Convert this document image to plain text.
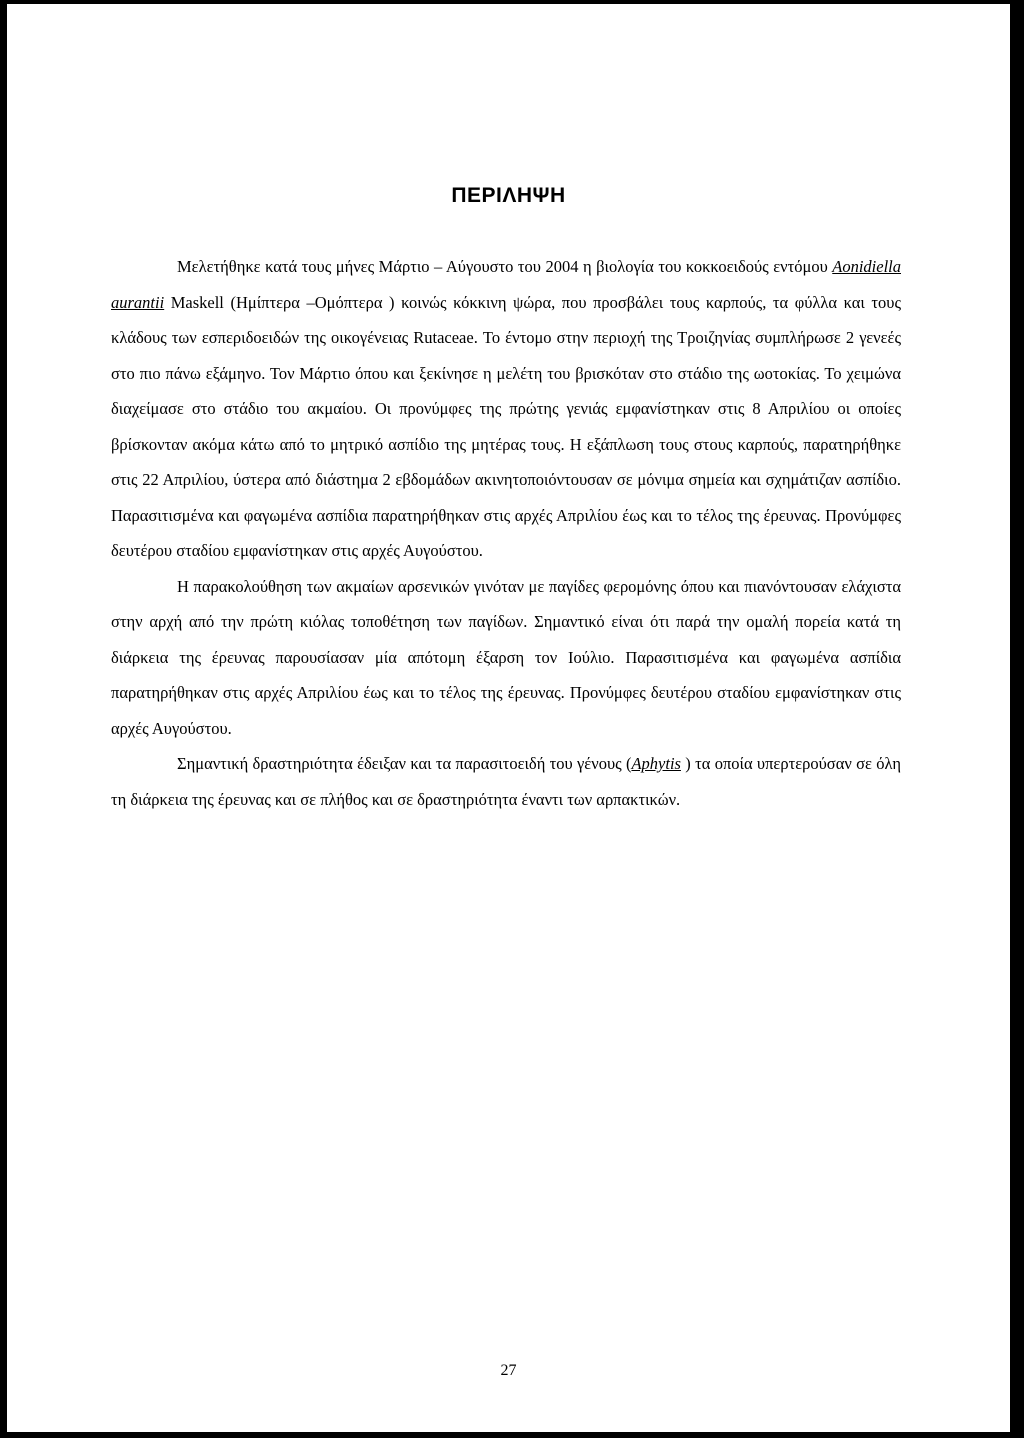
ΠΕΡΙΛΗΨΗ

Μελετήθηκε κατά τους μήνες Μάρτιο – Αύγουστο του 2004 η βιολογία του κοκκοειδούς εντόμου Aonidiella aurantii Maskell (Ημίπτερα –Ομόπτερα ) κοινώς κόκκινη ψώρα, που προσβάλει τους καρπούς, τα φύλλα και τους κλάδους των εσπεριδοειδών της οικογένειας Rutaceae. Το έντομο στην περιοχή της Τροιζηνίας συμπλήρωσε 2 γενεές στο πιο πάνω εξάμηνο. Τον Μάρτιο όπου και ξεκίνησε η μελέτη του βρισκόταν στο στάδιο της ωοτοκίας. Το χειμώνα διαχείμασε στο στάδιο του ακμαίου. Οι προνύμφες της πρώτης γενιάς εμφανίστηκαν στις 8 Απριλίου οι οποίες βρίσκονταν ακόμα κάτω από το μητρικό ασπίδιο της μητέρας τους. Η εξάπλωση τους στους καρπούς, παρατηρήθηκε στις 22 Απριλίου, ύστερα από διάστημα 2 εβδομάδων ακινητοποιόντουσαν σε μόνιμα σημεία και σχημάτιζαν ασπίδιο. Παρασιτισμένα και φαγωμένα ασπίδια παρατηρήθηκαν στις αρχές Απριλίου έως και το τέλος της έρευνας. Προνύμφες δευτέρου σταδίου εμφανίστηκαν στις αρχές Αυγούστου.

Η παρακολούθηση των ακμαίων αρσενικών γινόταν με παγίδες φερομόνης όπου και πιανόντουσαν ελάχιστα στην αρχή από την πρώτη κιόλας τοποθέτηση των παγίδων. Σημαντικό είναι ότι παρά την ομαλή πορεία κατά τη διάρκεια της έρευνας παρουσίασαν μία απότομη έξαρση τον Ιούλιο. Παρασιτισμένα και φαγωμένα ασπίδια παρατηρήθηκαν στις αρχές Απριλίου έως και το τέλος της έρευνας. Προνύμφες δευτέρου σταδίου εμφανίστηκαν στις αρχές Αυγούστου.

Σημαντική δραστηριότητα έδειξαν και τα παρασιτοειδή του γένους (Aphytis ) τα οποία υπερτερούσαν σε όλη τη διάρκεια της έρευνας και σε πλήθος και σε δραστηριότητα έναντι των αρπακτικών.

27
